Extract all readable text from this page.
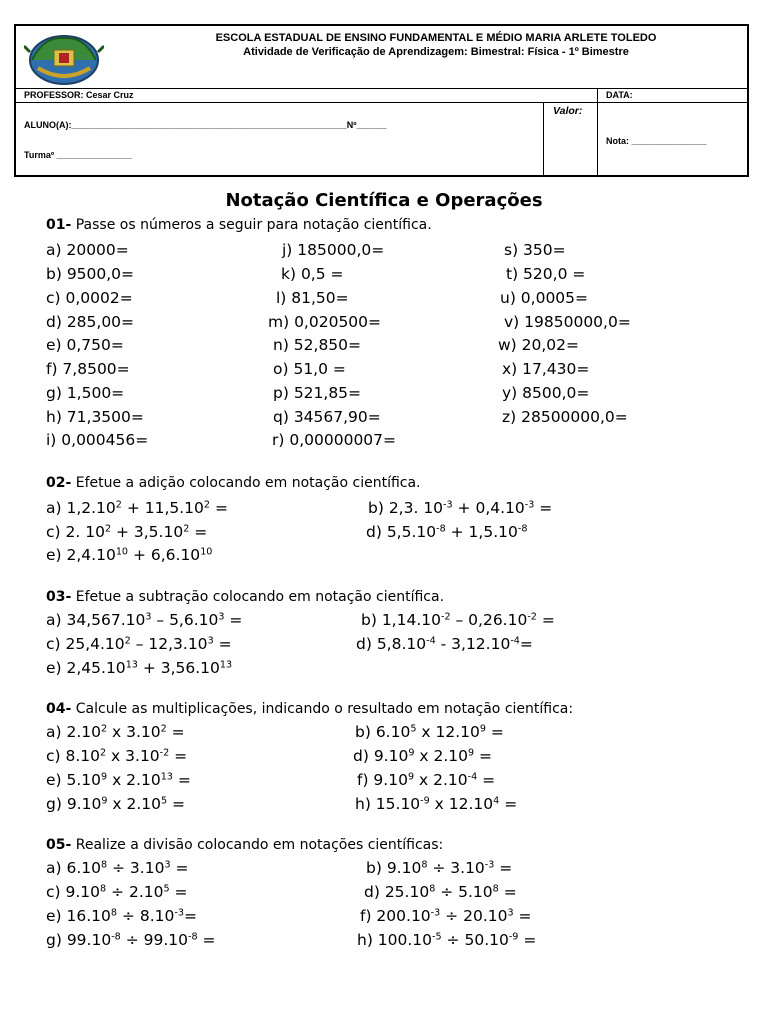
ESCOLA ESTADUAL DE ENSINO FUNDAMENTAL E MÉDIO MARIA ARLETE TOLEDO
Atividade de Verificação de Aprendizagem: Bimestral: Física - 1º Bimestre
PROFESSOR: Cesar Cruz	DATA:
ALUNO(A):_______________________________________________________Nº______
Turmaº _______________
Valor:
Nota: _______________
Notação Científica e Operações
01- Passe os números a seguir para notação científica.
a) 20000=	j) 185000,0=	s) 350=
b) 9500,0=	k) 0,5 =	t) 520,0 =
c) 0,0002=	l) 81,50=	u) 0,0005=
d) 285,00=	m) 0,020500=	v) 19850000,0=
e) 0,750=	n) 52,850=	w) 20,02=
f) 7,8500=	o) 51,0 =	x) 17,430=
g) 1,500=	p) 521,85=	y) 8500,0=
h) 71,3500=	q) 34567,90=	z) 28500000,0=
i) 0,000456=	r) 0,00000007=
02- Efetue a adição colocando em notação científica.
a) $1,2.10^2 + 11,5.10^2$ =	b) 2,3. $10^{-3} + 0,4.10^{-3}$ =
c) 2. $10^2 + 3,5.10^2$ =	d) $5,5.10^{-8} + 1,5.10^{-8}$
e) $2,4.10^{10} + 6,6.10^{10}$
03- Efetue a subtração colocando em notação científica.
a) $34,567.10^3 - 5,6.10^3$ =	b) $1,14.10^{-2} - 0,26.10^{-2}$ =
c) $25,4.10^2 - 12,3.10^3$ =	d) $5,8.10^{-4} - 3,12.10^{-4}=$
e) $2,45.10^{13} + 3,56.10^{13}$
04- Calcule as multiplicações, indicando o resultado em notação científica:
a) 2.10$^2$ x $3.10^2$ =	b) 6.10$^5$ x $12.10^9$ =
c) 8.10$^2$ x $3.10^{-2}$ =	d) 9.10$^9$ x $2.10^9$ =
e) 5.10$^9$ x $2.10^{13}$ =	f) 9.10$^9$ x $2.10^{-4}$ =
g) 9.10$^9$ x $2.10^5$ =	h) $15.10^{-9}$ x $12.10^4$ =
05- Realize a divisão colocando em notações científicas:
a) $6.10^8 \div 3.10^3$ =	b) $9.10^8 \div 3.10^{-3}$ =
c) $9.10^8 \div 2.10^5$ =	d) $25.10^8 \div 5.10^8$ =
e) $16.10^8 \div 8.10^{-3}=$	f) $200.10^{-3} \div 20.10^3$ =
g) $99.10^{-8} \div 99.10^{-8}$ =	h) $100.10^{-5} \div 50.10^{-9}$ =
